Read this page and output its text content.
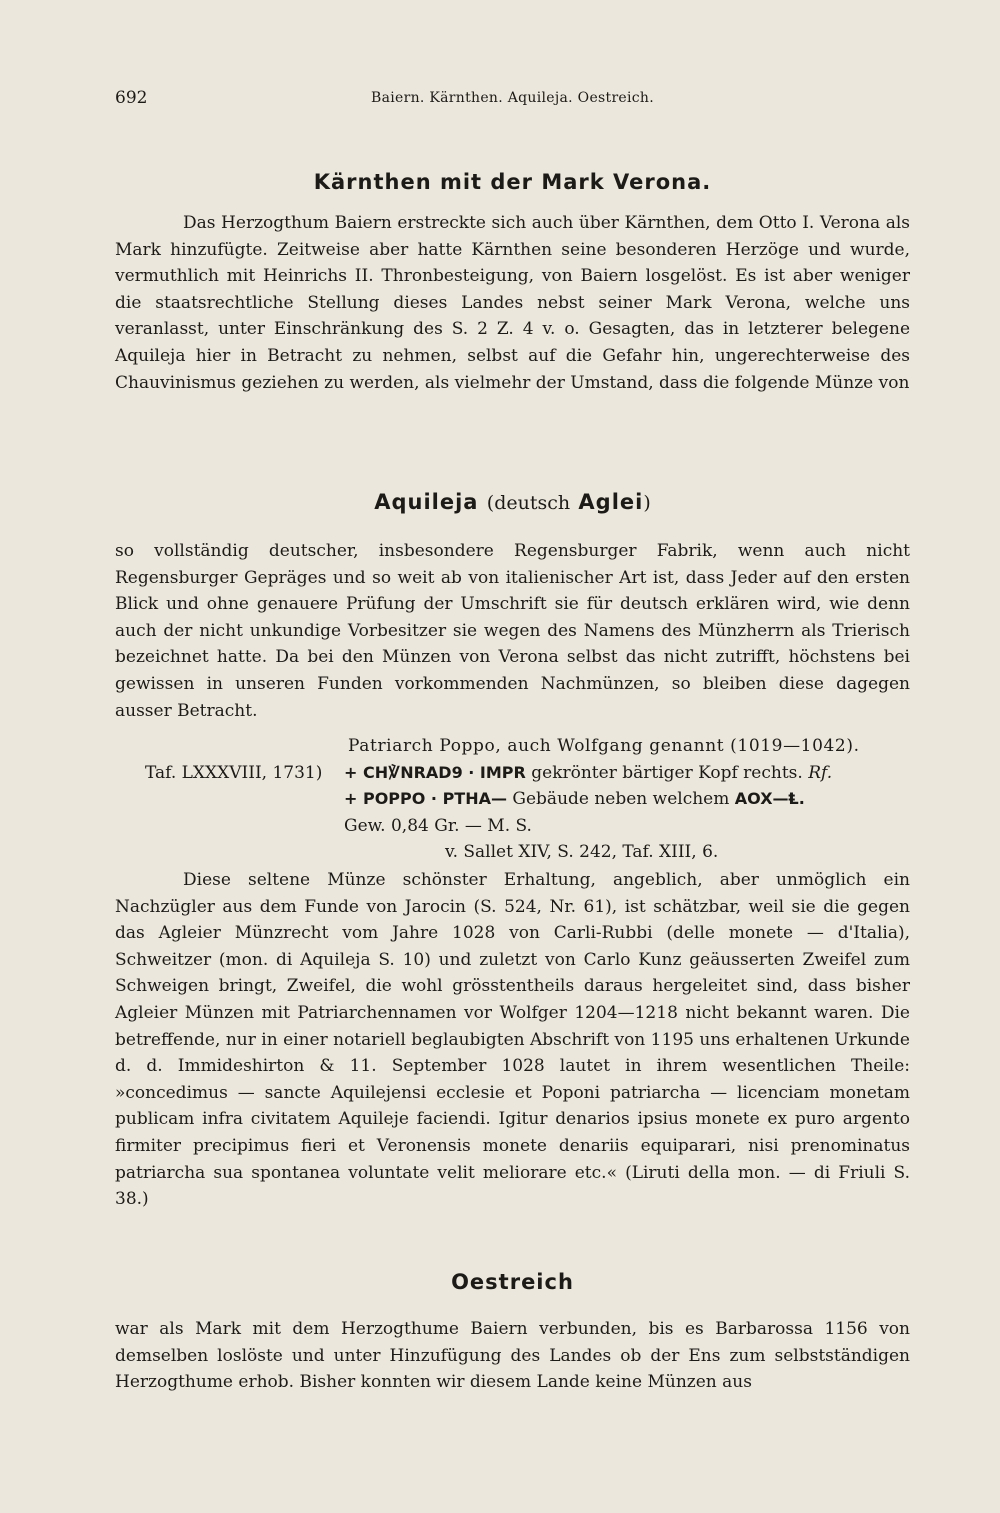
692	Baiern. Kärnthen. Aquileja. Oestreich.
Kärnthen mit der Mark Verona.

Das Herzogthum Baiern erstreckte sich auch über Kärnthen, dem Otto I. Verona als Mark hinzufügte. Zeitweise aber hatte Kärnthen seine besonderen Herzöge und wurde, vermuthlich mit Heinrichs II. Thronbesteigung, von Baiern losgelöst. Es ist aber weniger die staatsrechtliche Stellung dieses Landes nebst seiner Mark Verona, welche uns veranlasst, unter Einschränkung des S. 2 Z. 4 v. o. Gesagten, das in letzterer belegene Aquileja hier in Betracht zu nehmen, selbst auf die Gefahr hin, ungerechterweise des Chauvinismus geziehen zu werden, als vielmehr der Umstand, dass die folgende Münze von

Aquileja (deutsch Aglei)

so vollständig deutscher, insbesondere Regensburger Fabrik, wenn auch nicht Regensburger Gepräges und so weit ab von italienischer Art ist, dass Jeder auf den ersten Blick und ohne genauere Prüfung der Umschrift sie für deutsch erklären wird, wie denn auch der nicht unkundige Vorbesitzer sie wegen des Namens des Münzherrn als Trierisch bezeichnet hatte. Da bei den Münzen von Verona selbst das nicht zutrifft, höchstens bei gewissen in unseren Funden vorkommenden Nachmünzen, so bleiben diese dagegen ausser Betracht.

Patriarch Poppo, auch Wolfgang genannt (1019—1042).
Taf. LXXXVIII, 1731) + CH℣NRAD9 · IMPR gekrönter bärtiger Kopf rechts. Rf.
+ POPPO · PTHA— Gebäude neben welchem AOX—Ⱡ.
Gew. 0,84 Gr. — M. S.
v. Sallet XIV, S. 242, Taf. XIII, 6.

Diese seltene Münze schönster Erhaltung, angeblich, aber unmöglich ein Nachzügler aus dem Funde von Jarocin (S. 524, Nr. 61), ist schätzbar, weil sie die gegen das Agleier Münzrecht vom Jahre 1028 von Carli-Rubbi (delle monete — d'Italia), Schweitzer (mon. di Aquileja S. 10) und zuletzt von Carlo Kunz geäusserten Zweifel zum Schweigen bringt, Zweifel, die wohl grösstentheils daraus hergeleitet sind, dass bisher Agleier Münzen mit Patriarchennamen vor Wolfger 1204—1218 nicht bekannt waren. Die betreffende, nur in einer notariell beglaubigten Abschrift von 1195 uns erhaltenen Urkunde d. d. Immideshirton & 11. September 1028 lautet in ihrem wesentlichen Theile: »concedimus — sancte Aquilejensi ecclesie et Poponi patriarcha — licenciam monetam publicam infra civitatem Aquileje faciendi. Igitur denarios ipsius monete ex puro argento firmiter precipimus fieri et Veronensis monete denariis equiparari, nisi prenominatus patriarcha sua spontanea voluntate velit meliorare etc.« (Liruti della mon. — di Friuli S. 38.)

Oestreich

war als Mark mit dem Herzogthume Baiern verbunden, bis es Barbarossa 1156 von demselben loslöste und unter Hinzufügung des Landes ob der Ens zum selbstständigen Herzogthume erhob. Bisher konnten wir diesem Lande keine Münzen aus
